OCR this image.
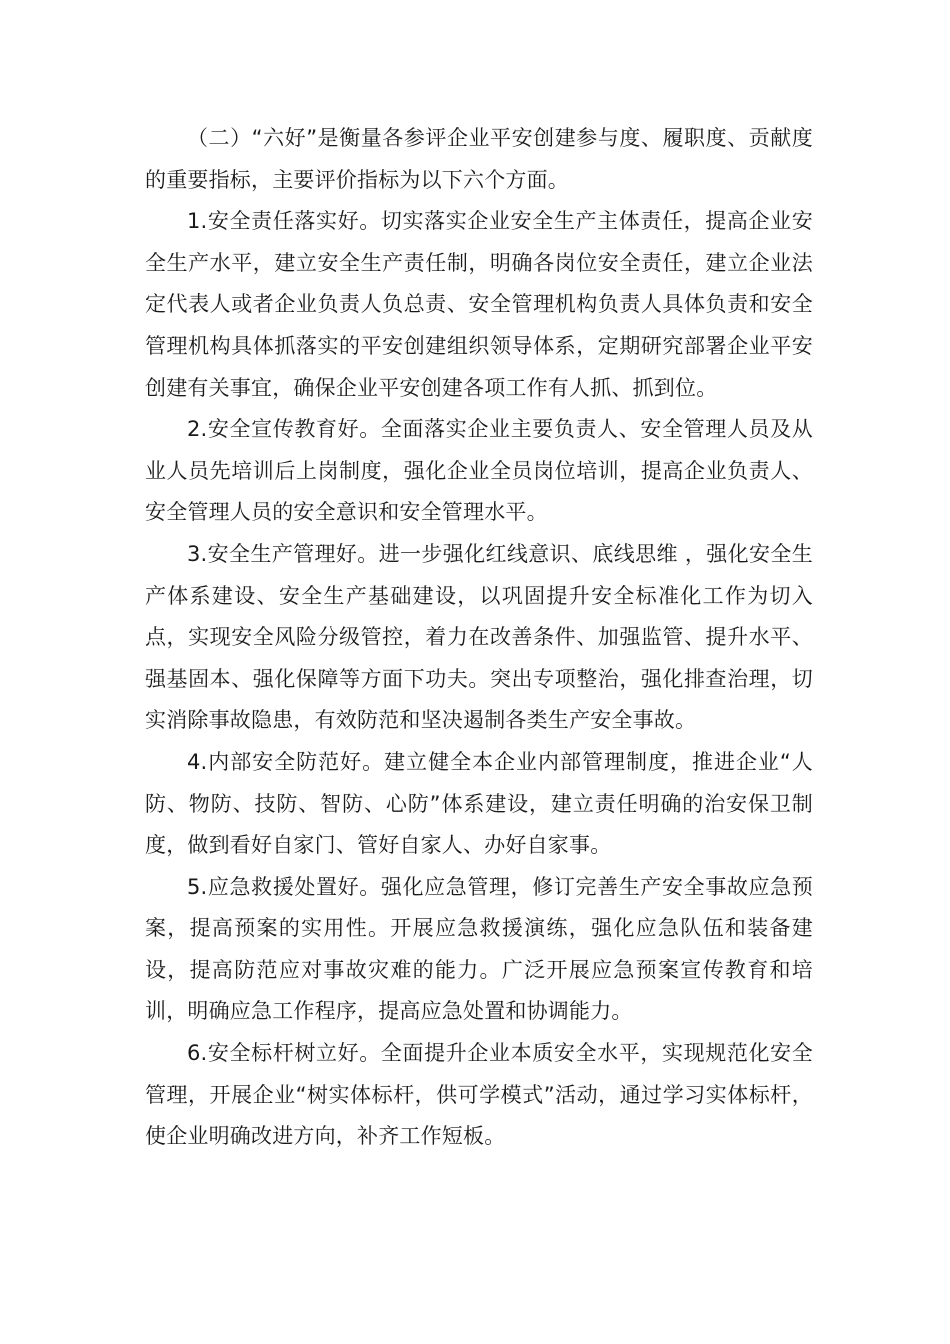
（二）“六好”是衡量各参评企业平安创建参与度、履职度、贡献度的重要指标，主要评价指标为以下六个方面。

1.安全责任落实好。切实落实企业安全生产主体责任，提高企业安全生产水平，建立安全生产责任制，明确各岗位安全责任，建立企业法定代表人或者企业负责人负总责、安全管理机构负责人具体负责和安全管理机构具体抓落实的平安创建组织领导体系，定期研究部署企业平安创建有关事宜，确保企业平安创建各项工作有人抓、抓到位。

2.安全宣传教育好。全面落实企业主要负责人、安全管理人员及从业人员先培训后上岗制度，强化企业全员岗位培训，提高企业负责人、安全管理人员的安全意识和安全管理水平。

3.安全生产管理好。进一步强化红线意识、底线思维 ，强化安全生产体系建设、安全生产基础建设，以巩固提升安全标准化工作为切入点，实现安全风险分级管控，着力在改善条件、加强监管、提升水平、强基固本、强化保障等方面下功夫。突出专项整治，强化排查治理，切实消除事故隐患，有效防范和坚决遏制各类生产安全事故。

4.内部安全防范好。建立健全本企业内部管理制度，推进企业“人防、物防、技防、智防、心防”体系建设，建立责任明确的治安保卫制度，做到看好自家门、管好自家人、办好自家事。

5.应急救援处置好。强化应急管理，修订完善生产安全事故应急预案，提高预案的实用性。开展应急救援演练，强化应急队伍和装备建设，提高防范应对事故灾难的能力。广泛开展应急预案宣传教育和培训，明确应急工作程序，提高应急处置和协调能力。

6.安全标杆树立好。全面提升企业本质安全水平，实现规范化安全管理，开展企业“树实体标杆，供可学模式”活动，通过学习实体标杆，使企业明确改进方向，补齐工作短板。
